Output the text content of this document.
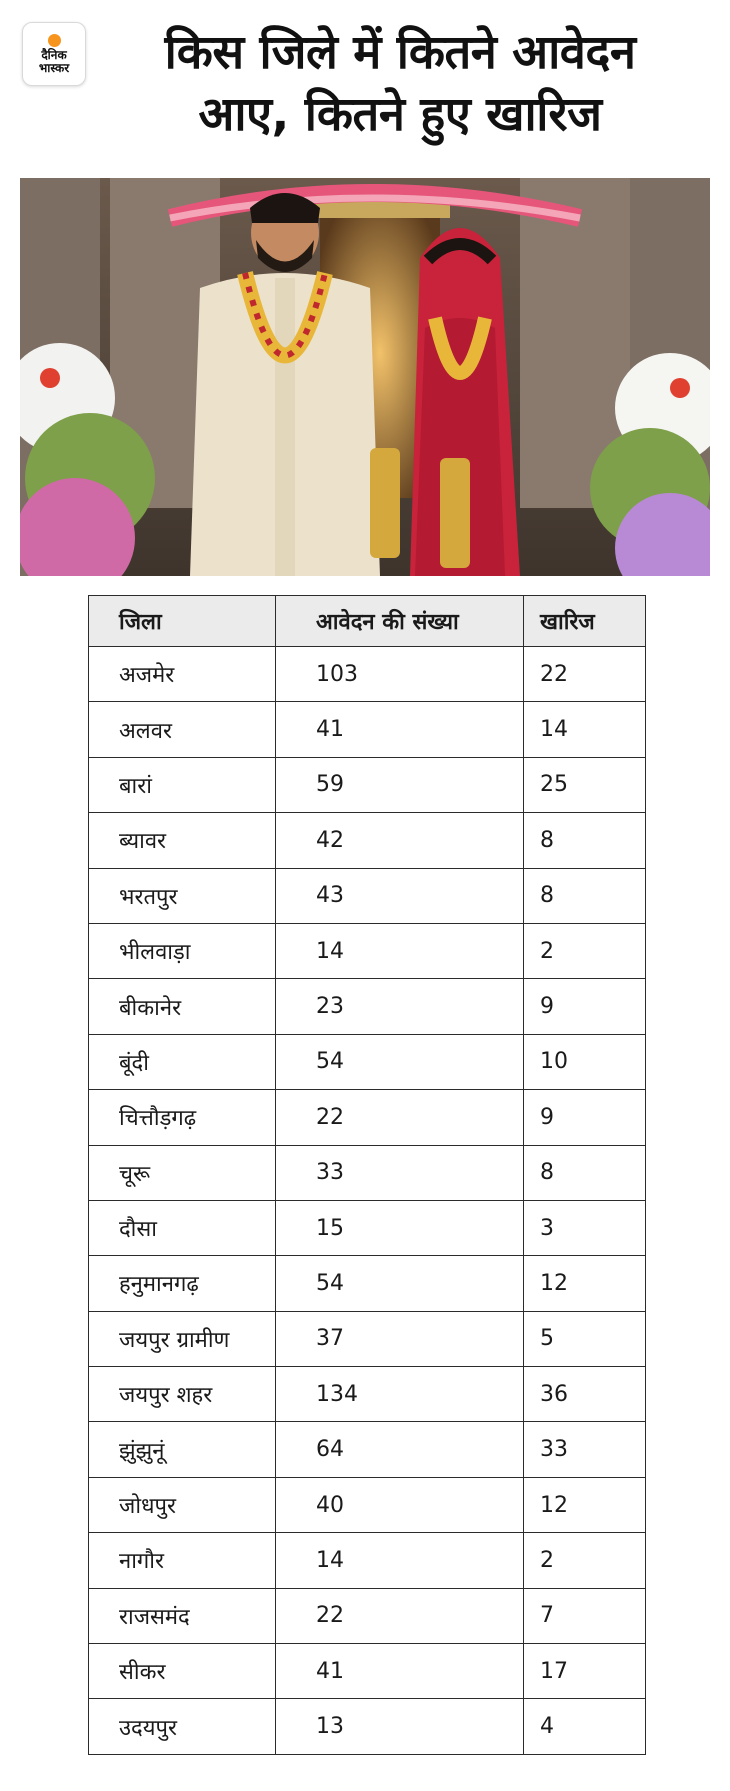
दैनिक
भास्कर	किस जिले में कितने आवेदन
आए, कितने हुए खारिज
जिला	आवेदन की संख्या	खारिज
अजमेर	103	22
अलवर	41	14
बारां	59	25
ब्यावर	42	8
भरतपुर	43	8
भीलवाड़ा	14	2
बीकानेर	23	9
बूंदी	54	10
चित्तौड़गढ़	22	9
चूरू	33	8
दौसा	15	3
हनुमानगढ़	54	12
जयपुर ग्रामीण	37	5
जयपुर शहर	134	36
झुंझुनूं	64	33
जोधपुर	40	12
नागौर	14	2
राजसमंद	22	7
सीकर	41	17
उदयपुर	13	4
